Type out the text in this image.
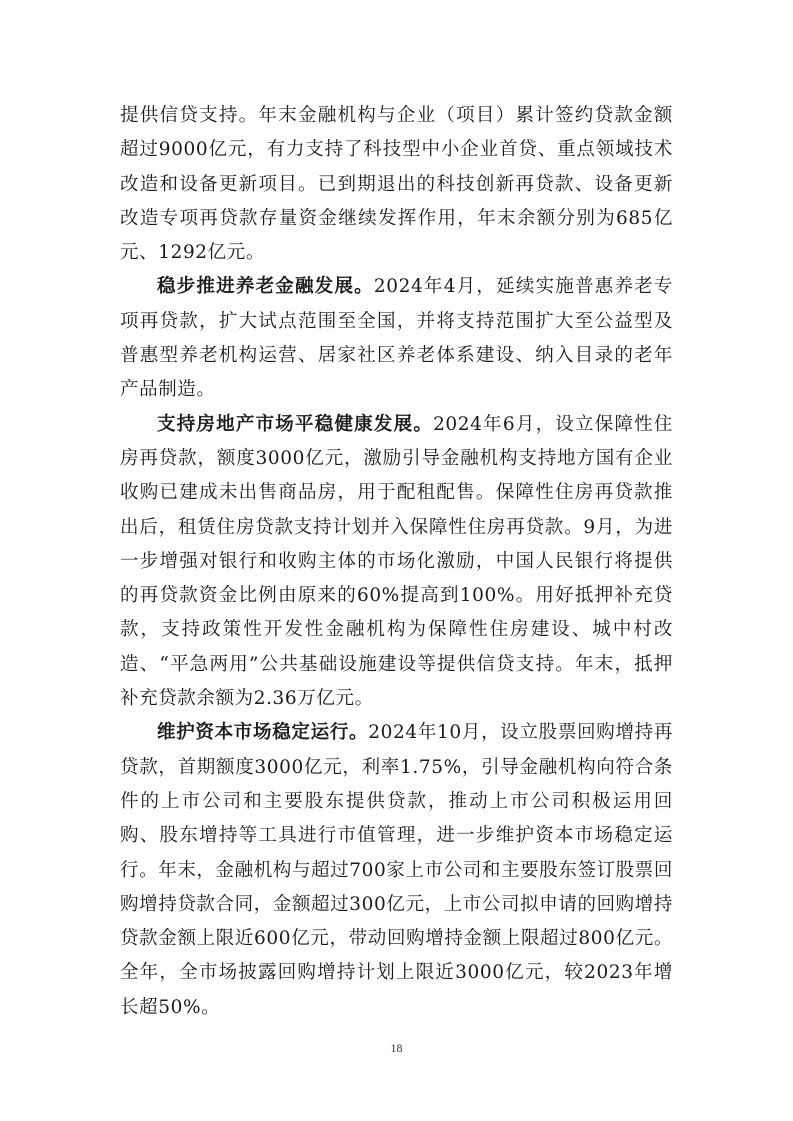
提供信贷支持。年末金融机构与企业（项目）累计签约贷款金额超过9000亿元，有力支持了科技型中小企业首贷、重点领域技术改造和设备更新项目。已到期退出的科技创新再贷款、设备更新改造专项再贷款存量资金继续发挥作用，年末余额分别为685亿元、1292亿元。

稳步推进养老金融发展。2024年4月，延续实施普惠养老专项再贷款，扩大试点范围至全国，并将支持范围扩大至公益型及普惠型养老机构运营、居家社区养老体系建设、纳入目录的老年产品制造。

支持房地产市场平稳健康发展。2024年6月，设立保障性住房再贷款，额度3000亿元，激励引导金融机构支持地方国有企业收购已建成未出售商品房，用于配租配售。保障性住房再贷款推出后，租赁住房贷款支持计划并入保障性住房再贷款。9月，为进一步增强对银行和收购主体的市场化激励，中国人民银行将提供的再贷款资金比例由原来的60%提高到100%。用好抵押补充贷款，支持政策性开发性金融机构为保障性住房建设、城中村改造、“平急两用”公共基础设施建设等提供信贷支持。年末，抵押补充贷款余额为2.36万亿元。

维护资本市场稳定运行。2024年10月，设立股票回购增持再贷款，首期额度3000亿元，利率1.75%，引导金融机构向符合条件的上市公司和主要股东提供贷款，推动上市公司积极运用回购、股东增持等工具进行市值管理，进一步维护资本市场稳定运行。年末，金融机构与超过700家上市公司和主要股东签订股票回购增持贷款合同，金额超过300亿元，上市公司拟申请的回购增持贷款金额上限近600亿元，带动回购增持金额上限超过800亿元。全年，全市场披露回购增持计划上限近3000亿元，较2023年增长超50%。

18
